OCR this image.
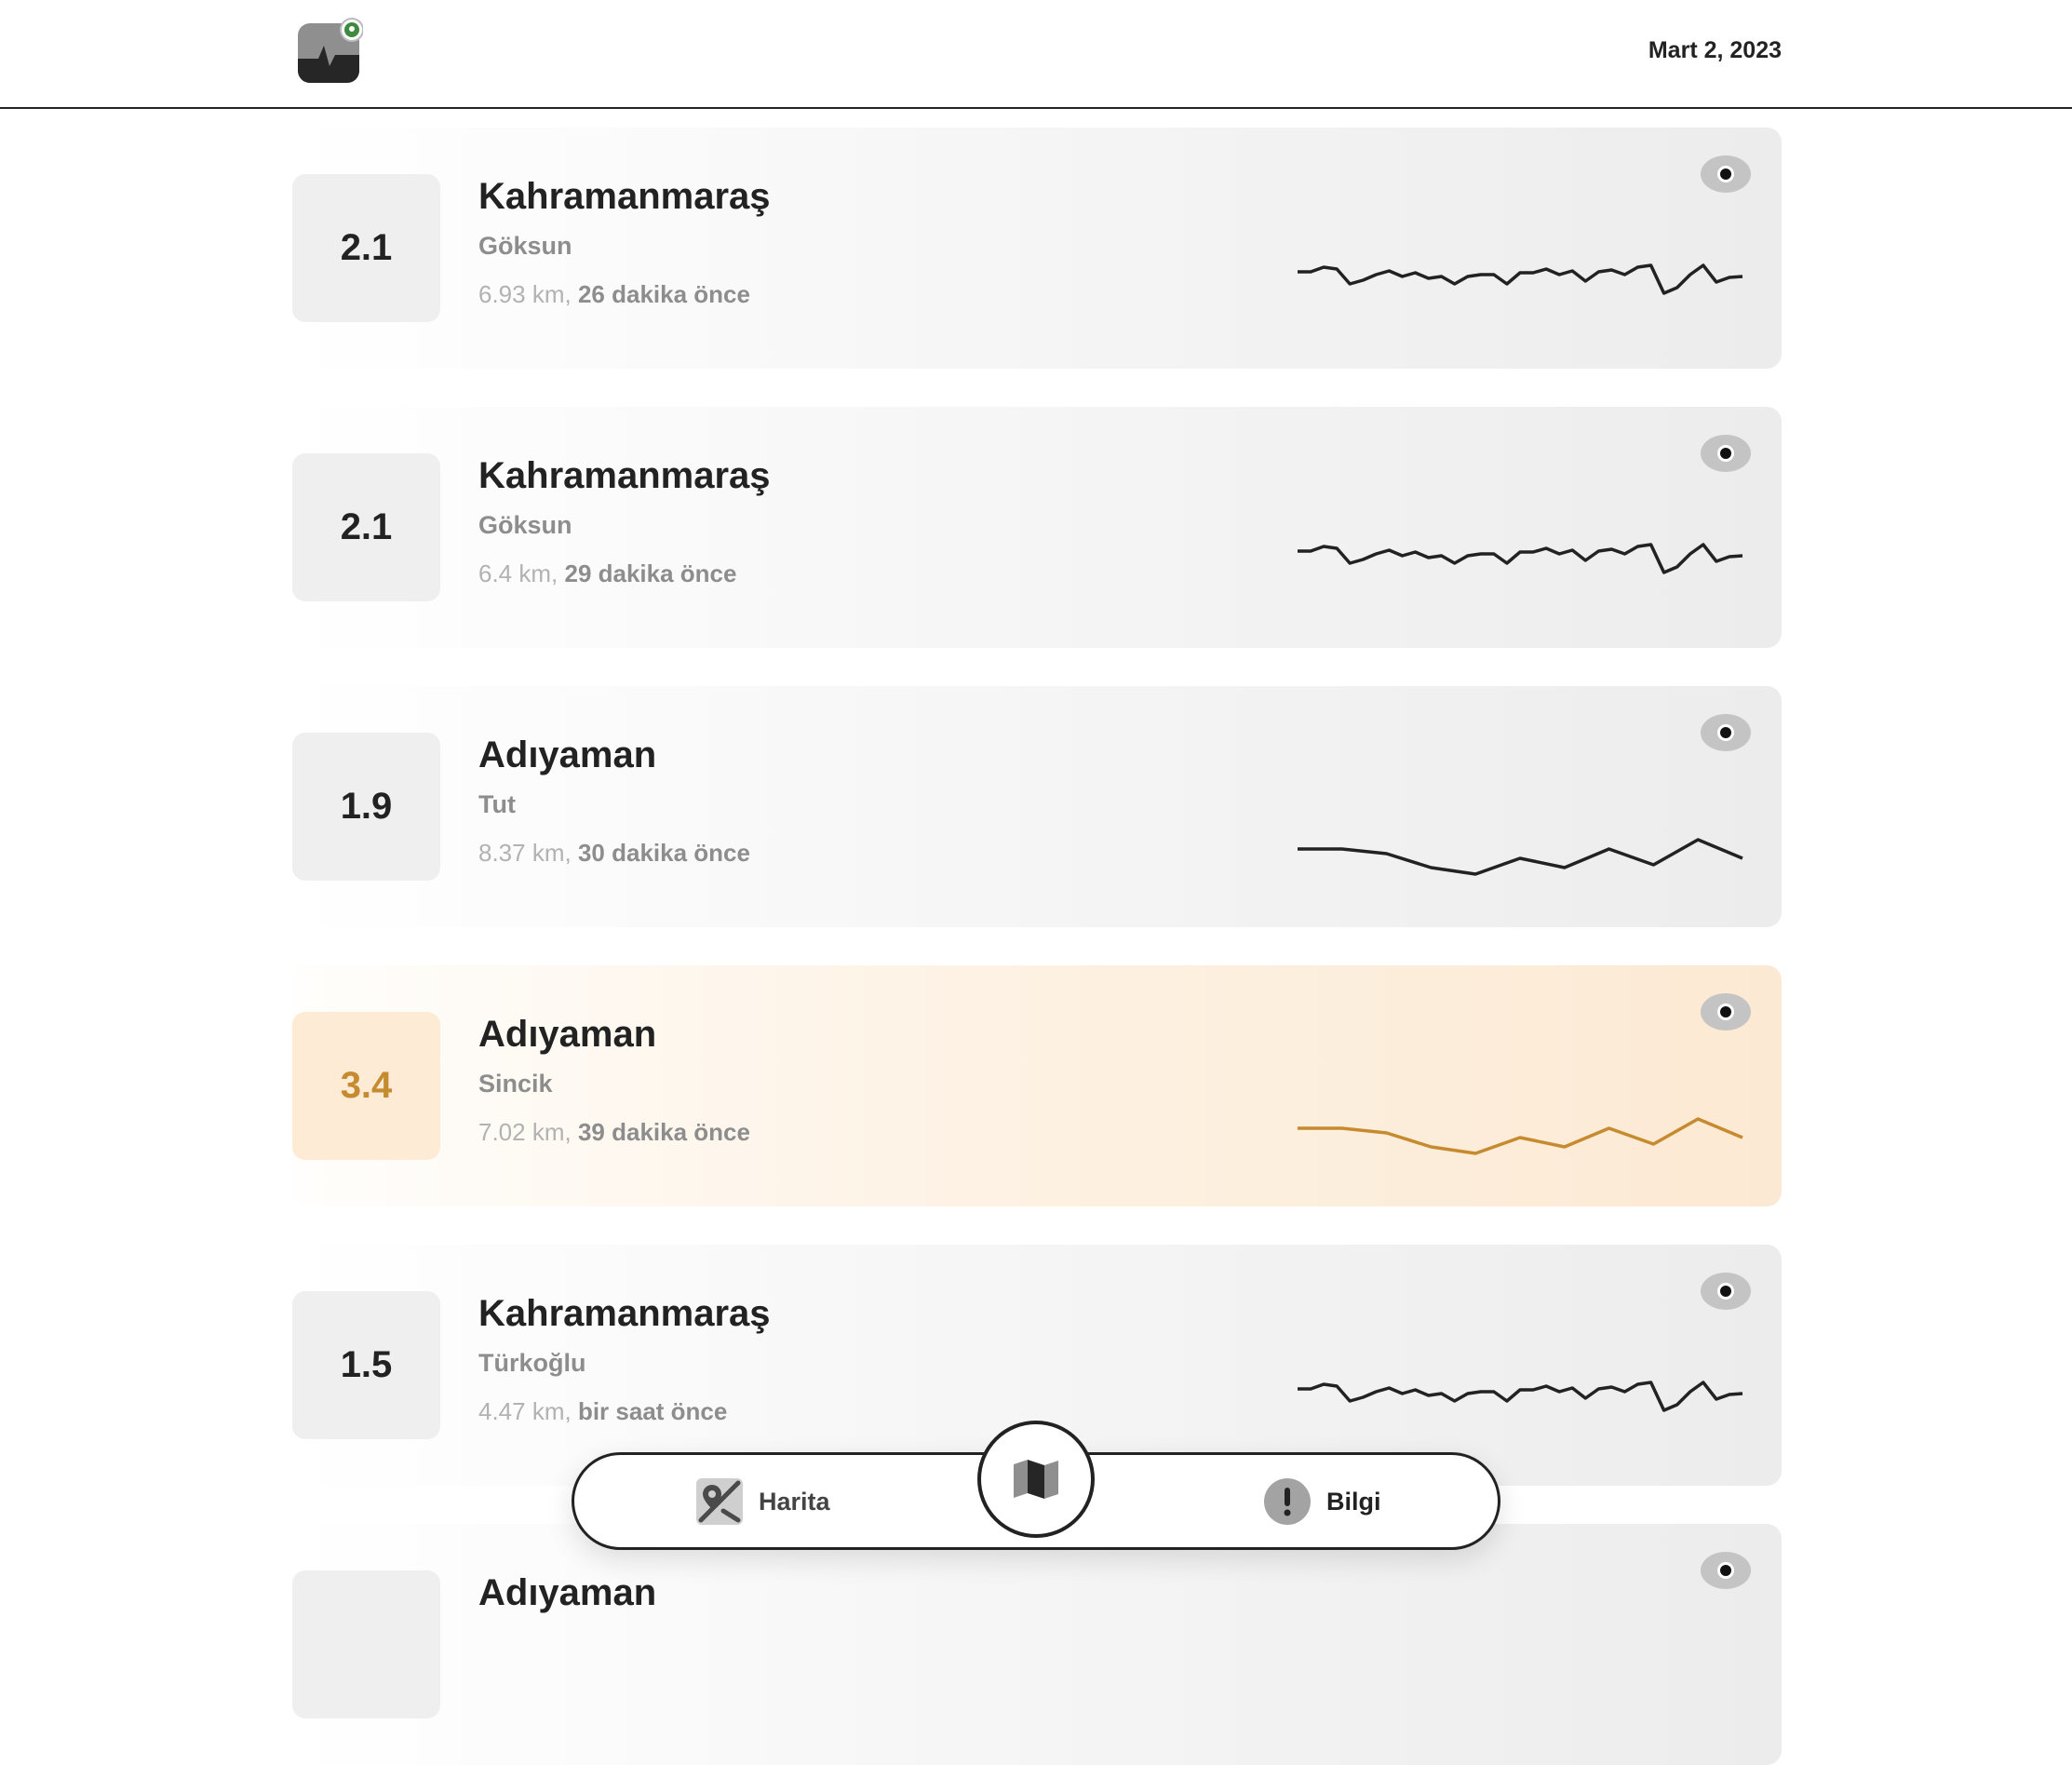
2.1
Kahramanmaraş
Göksun
6.93 km, 26 dakika önce
2.1
Kahramanmaraş
Göksun
6.4 km, 29 dakika önce
1.9
Adıyaman
Tut
8.37 km, 30 dakika önce
3.4
Adıyaman
Sincik
7.02 km, 39 dakika önce
1.5
Kahramanmaraş
Türkoğlu
4.47 km, bir saat önce
Adıyaman
Mart 2, 2023
Harita	Bilgi
